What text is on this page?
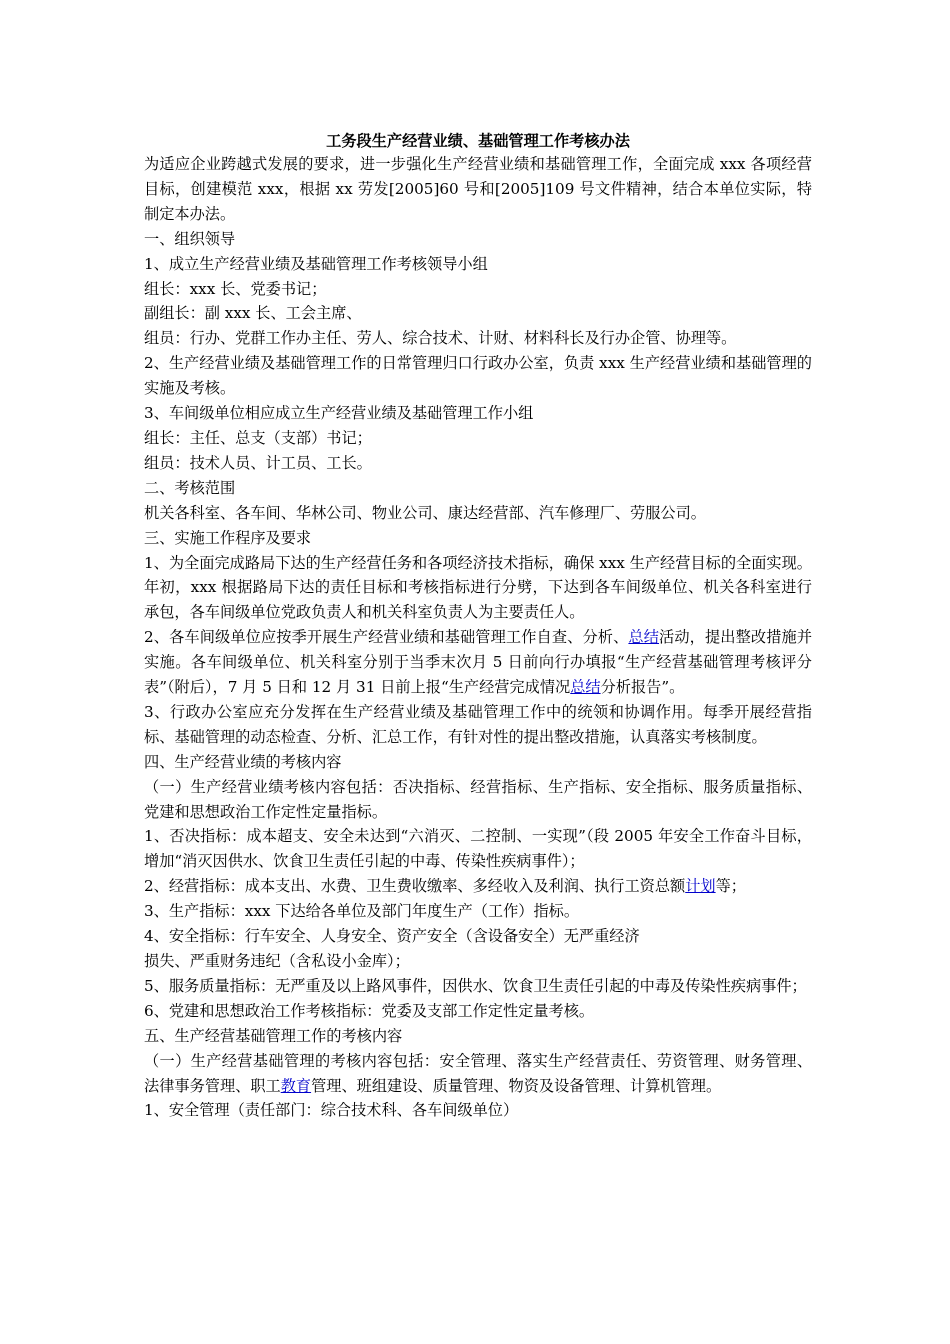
工务段生产经营业绩、基础管理工作考核办法

为适应企业跨越式发展的要求，进一步强化生产经营业绩和基础管理工作，全面完成 xxx 各项经营目标，创建模范 xxx，根据 xx 劳发[2005]60 号和[2005]109 号文件精神，结合本单位实际，特制定本办法。

一、组织领导

1、成立生产经营业绩及基础管理工作考核领导小组

组长：xxx 长、党委书记；

副组长：副 xxx 长、工会主席、

组员：行办、党群工作办主任、劳人、综合技术、计财、材料科长及行办企管、协理等。

2、生产经营业绩及基础管理工作的日常管理归口行政办公室，负责 xxx 生产经营业绩和基础管理的实施及考核。

3、车间级单位相应成立生产经营业绩及基础管理工作小组

组长：主任、总支（支部）书记；

组员：技术人员、计工员、工长。

二、考核范围

机关各科室、各车间、华林公司、物业公司、康达经营部、汽车修理厂、劳服公司。

三、实施工作程序及要求

1、为全面完成路局下达的生产经营任务和各项经济技术指标，确保 xxx 生产经营目标的全面实现。年初，xxx 根据路局下达的责任目标和考核指标进行分劈，下达到各车间级单位、机关各科室进行承包，各车间级单位党政负责人和机关科室负责人为主要责任人。

2、各车间级单位应按季开展生产经营业绩和基础管理工作自查、分析、总结活动，提出整改措施并实施。各车间级单位、机关科室分别于当季末次月 5 日前向行办填报“生产经营基础管理考核评分表”（附后），7 月 5 日和 12 月 31 日前上报“生产经营完成情况总结分析报告”。

3、行政办公室应充分发挥在生产经营业绩及基础管理工作中的统领和协调作用。每季开展经营指标、基础管理的动态检查、分析、汇总工作，有针对性的提出整改措施，认真落实考核制度。

四、生产经营业绩的考核内容

（一）生产经营业绩考核内容包括：否决指标、经营指标、生产指标、安全指标、服务质量指标、党建和思想政治工作定性定量指标。

1、否决指标：成本超支、安全未达到“六消灭、二控制、一实现”（段 2005 年安全工作奋斗目标，增加“消灭因供水、饮食卫生责任引起的中毒、传染性疾病事件）；

2、经营指标：成本支出、水费、卫生费收缴率、多经收入及利润、执行工资总额计划等；

3、生产指标：xxx 下达给各单位及部门年度生产（工作）指标。

4、安全指标：行车安全、人身安全、资产安全（含设备安全）无严重经济

损失、严重财务违纪（含私设小金库）；

5、服务质量指标：无严重及以上路风事件，因供水、饮食卫生责任引起的中毒及传染性疾病事件；

6、党建和思想政治工作考核指标：党委及支部工作定性定量考核。

五、生产经营基础管理工作的考核内容

（一）生产经营基础管理的考核内容包括：安全管理、落实生产经营责任、劳资管理、财务管理、法律事务管理、职工教育管理、班组建设、质量管理、物资及设备管理、计算机管理。

1、安全管理（责任部门：综合技术科、各车间级单位）
